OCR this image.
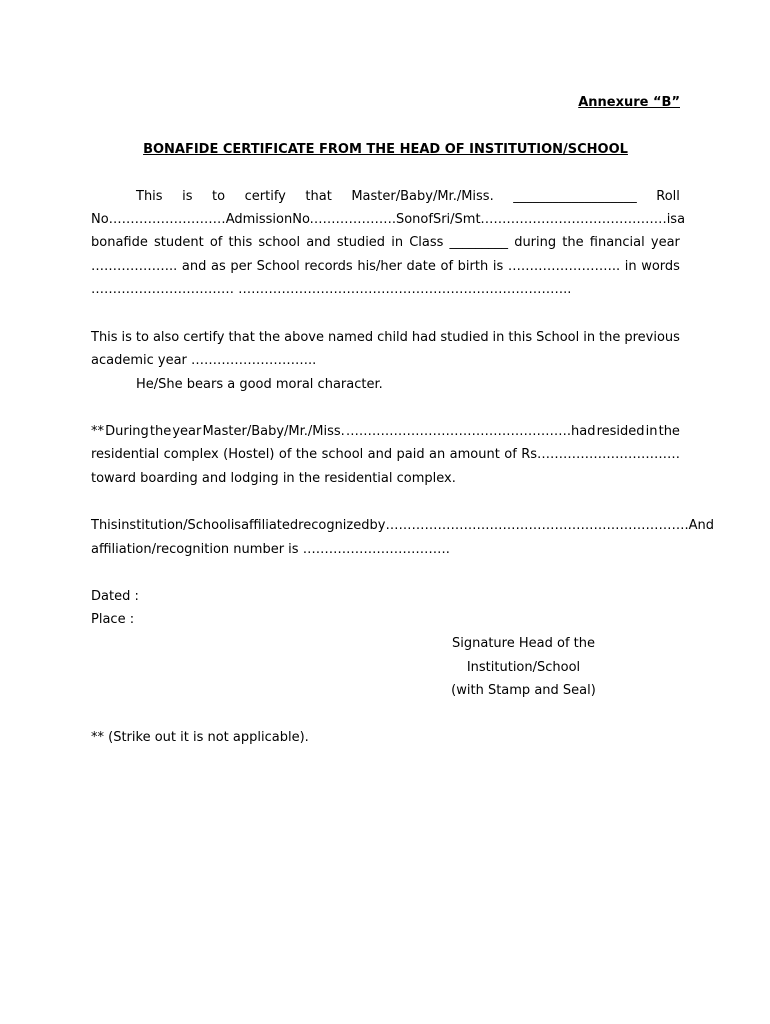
Annexure “B”
BONAFIDE CERTIFICATE FROM THE HEAD OF INSTITUTION/SCHOOL
This is to certify that Master/Baby/Mr./Miss. ___________________ Roll
No……………………… Admission No. ………………. Son of Sri/Smt. …………………………………… is a
bonafide student of this school and studied in Class _________ during the financial year
……………….. and as per School records his/her date of birth is …………………….. in words
…………………………… …………………………………………………………………..
This is to also certify that the above named child had studied in this School in the previous
academic year ………………………..
He/She bears a good moral character.
** During the year Master/Baby/Mr./Miss. …………………………………………….had resided in the
residential complex (Hostel) of the school and paid an amount of Rs……………………………
toward boarding and lodging in the residential complex.
This institution/School is affiliated recognized by ………………………………………… …………………. And
affiliation/recognition number is …………………………….
Dated :
Place :
Signature Head of the
Institution/School
(with Stamp and Seal)
** (Strike out it is not applicable).
